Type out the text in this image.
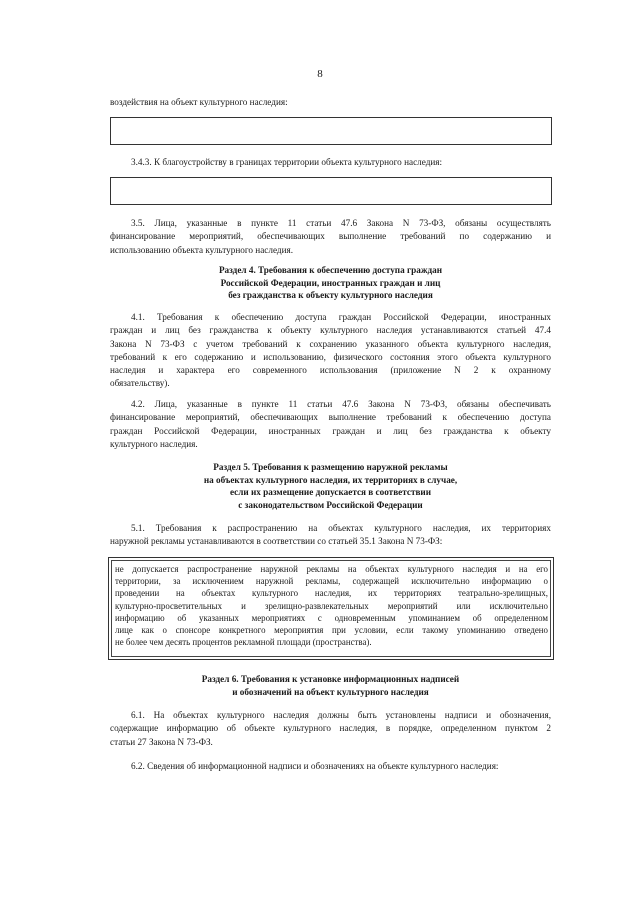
8
воздействия на объект культурного наследия:
3.4.3. К благоустройству в границах территории объекта культурного наследия:
3.5. Лица, указанные в пункте 11 статьи 47.6 Закона N 73-ФЗ, обязаны осуществлять
финансирование мероприятий, обеспечивающих выполнение требований по содержанию и
использованию объекта культурного наследия.
Раздел 4. Требования к обеспечению доступа граждан
Российской Федерации, иностранных граждан и лиц
без гражданства к объекту культурного наследия
4.1. Требования к обеспечению доступа граждан Российской Федерации, иностранных
граждан и лиц без гражданства к объекту культурного наследия устанавливаются статьей 47.4
Закона N 73-ФЗ с учетом требований к сохранению указанного объекта культурного наследия,
требований к его содержанию и использованию, физического состояния этого объекта культурного
наследия и характера его современного использования (приложение N 2 к охранному
обязательству).
4.2. Лица, указанные в пункте 11 статьи 47.6 Закона N 73-ФЗ, обязаны обеспечивать
финансирование мероприятий, обеспечивающих выполнение требований к обеспечению доступа
граждан Российской Федерации, иностранных граждан и лиц без гражданства к объекту
культурного наследия.
Раздел 5. Требования к размещению наружной рекламы
на объектах культурного наследия, их территориях в случае,
если их размещение допускается в соответствии
с законодательством Российской Федерации
5.1. Требования к распространению на объектах культурного наследия, их территориях
наружной рекламы устанавливаются в соответствии со статьей 35.1 Закона N 73-ФЗ:
не допускается распространение наружной рекламы на объектах культурного наследия и на его
территории, за исключением наружной рекламы, содержащей исключительно информацию о
проведении на объектах культурного наследия, их территориях театрально-зрелищных,
культурно-просветительных и зрелищно-развлекательных мероприятий или исключительно
информацию об указанных мероприятиях с одновременным упоминанием об определенном
лице как о спонсоре конкретного мероприятия при условии, если такому упоминанию отведено
не более чем десять процентов рекламной площади (пространства).
Раздел 6. Требования к установке информационных надписей
и обозначений на объект культурного наследия
6.1. На объектах культурного наследия должны быть установлены надписи и обозначения,
содержащие информацию об объекте культурного наследия, в порядке, определенном пунктом 2
статьи 27 Закона N 73-ФЗ.
6.2. Сведения об информационной надписи и обозначениях на объекте культурного наследия:
